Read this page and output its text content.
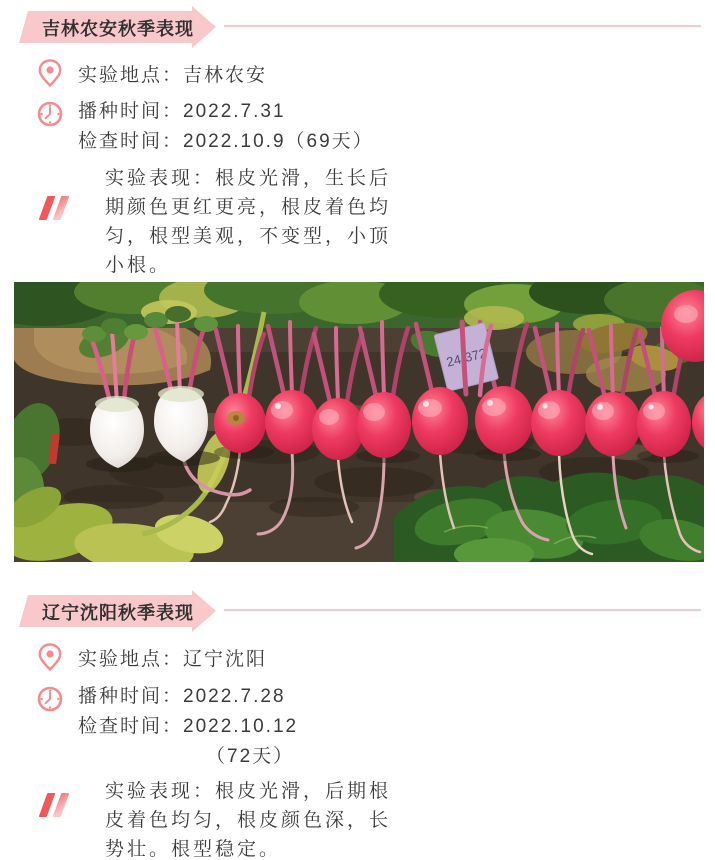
吉林农安秋季表现
实验地点：吉林农安
播种时间：2022.7.31
检查时间：2022.10.9（69天）
实验表现：根皮光滑，生长后
期颜色更红更亮，根皮着色均
匀，根型美观，不变型，小顶
小根。
24-372
辽宁沈阳秋季表现
实验地点：辽宁沈阳
播种时间：2022.7.28
检查时间：2022.10.12
（72天）
实验表现：根皮光滑，后期根
皮着色均匀，根皮颜色深，长
势壮。根型稳定。
